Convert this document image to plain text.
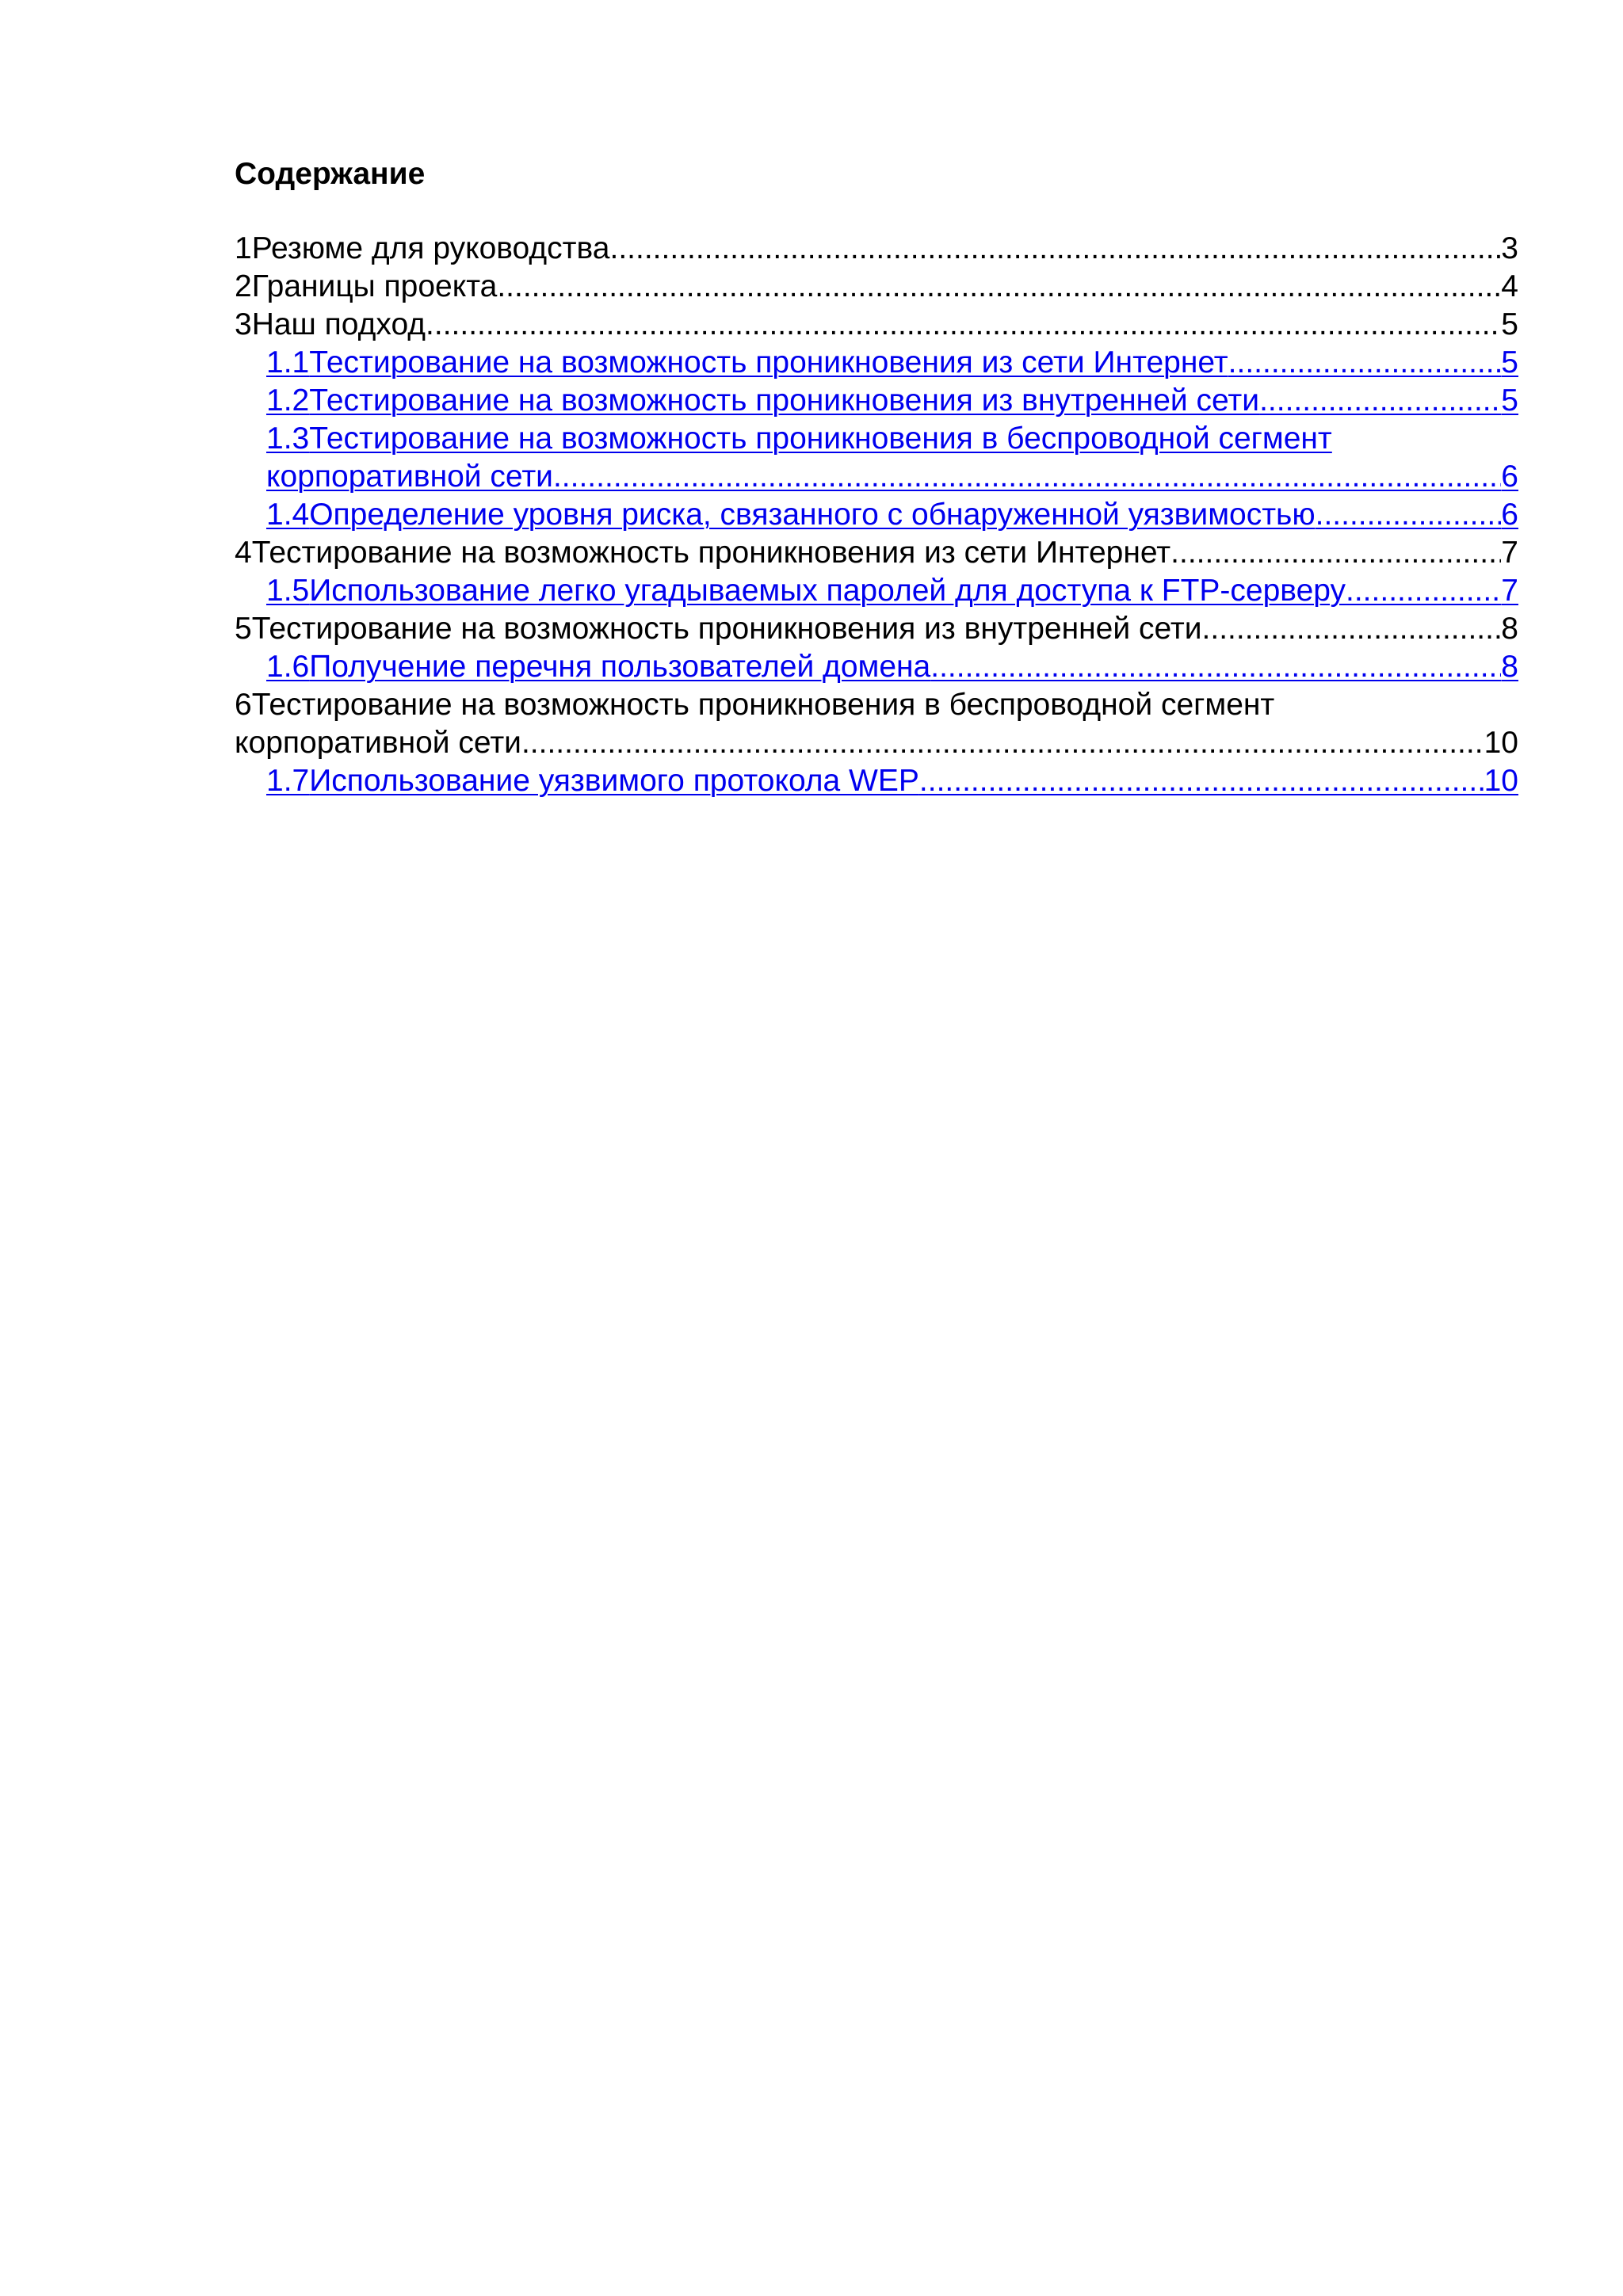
Содержание
1Резюме для руководства .....	3
2Границы проекта .....	4
3Наш подход .....	5
1.1Тестирование на возможность проникновения из сети Интернет .....	5
1.2Тестирование на возможность проникновения из внутренней сети .....	5
1.3Тестирование на возможность проникновения в беспроводной сегмент
корпоративной сети .....	6
1.4Определение уровня риска, связанного с обнаруженной уязвимостью .....	6
4Тестирование на возможность проникновения из сети Интернет .....	7
1.5Использование легко угадываемых паролей для доступа к FTP-серверу .....	7
5Тестирование на возможность проникновения из внутренней сети .....	8
1.6Получение перечня пользователей домена .....	8
6Тестирование на возможность проникновения в беспроводной сегмент
корпоративной сети .....	10
1.7Использование уязвимого протокола WEP .....	10
